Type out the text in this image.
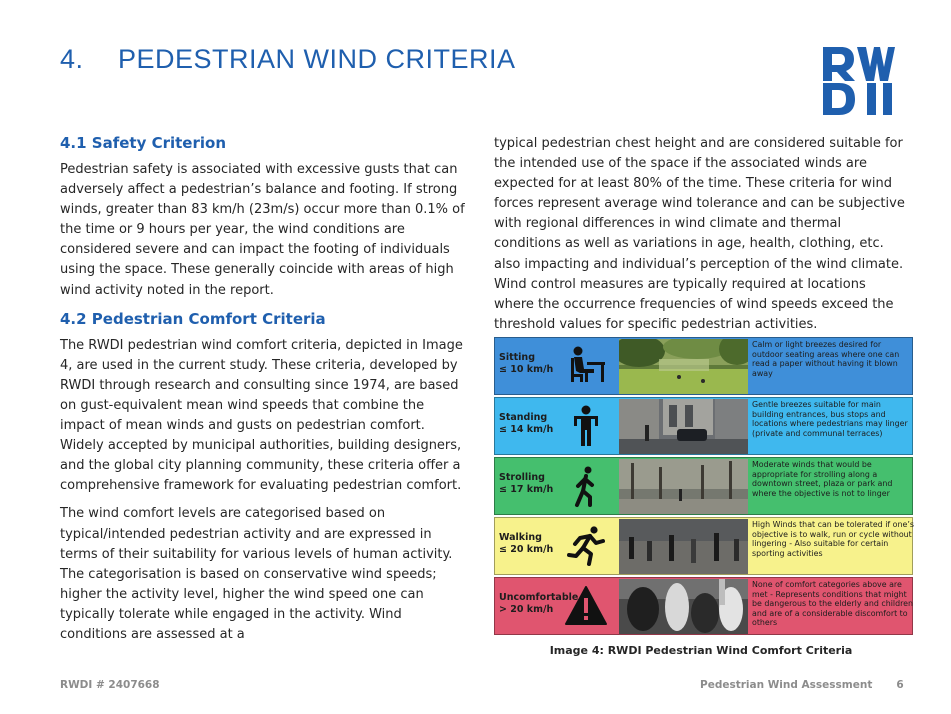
4. PEDESTRIAN WIND CRITERIA
4.1 Safety Criterion

Pedestrian safety is associated with excessive gusts that can adversely affect a pedestrian’s balance and footing. If strong winds, greater than 83 km/h (23m/s) occur more than 0.1% of the time or 9 hours per year, the wind conditions are considered severe and can impact the footing of individuals using the space. These generally coincide with areas of high wind activity noted in the report.

4.2 Pedestrian Comfort Criteria

The RWDI pedestrian wind comfort criteria, depicted in Image 4, are used in the current study. These criteria, developed by RWDI through research and consulting since 1974, are based on gust-equivalent mean wind speeds that combine the impact of mean winds and gusts on pedestrian comfort. Widely accepted by municipal authorities, building designers, and the global city planning community, these criteria offer a comprehensive framework for evaluating pedestrian comfort.

The wind comfort levels are categorised based on typical/intended pedestrian activity and are expressed in terms of their suitability for various levels of human activity. The categorisation is based on conservative wind speeds; higher the activity level, higher the wind speed one can typically tolerate while engaged in the activity. Wind conditions are assessed at a

typical pedestrian chest height and are considered suitable for the intended use of the space if the associated winds are expected for at least 80% of the time. These criteria for wind forces represent average wind tolerance and can be subjective with regional differences in wind climate and thermal conditions as well as variations in age, health, clothing, etc. also impacting and individual’s perception of the wind climate. Wind control measures are typically required at locations where the occurrence frequencies of wind speeds exceed the threshold values for specific pedestrian activities.

Sitting
≤ 10 km/h
Calm or light breezes desired for outdoor seating areas where one can read a paper without having it blown away
Standing
≤ 14 km/h
Gentle breezes suitable for main building entrances, bus stops and locations where pedestrians may linger (private and communal terraces)
Strolling
≤ 17 km/h
Moderate winds that would be appropriate for strolling along a downtown street, plaza or park and where the objective is not to linger
Walking
≤ 20 km/h
High Winds that can be tolerated if one’s objective is to walk, run or cycle without lingering - Also suitable for certain sporting activities
Uncomfortable
> 20 km/h
None of comfort categories above are met - Represents conditions that might be dangerous to the elderly and children and are of a considerable discomfort to others
Image 4: RWDI Pedestrian Wind Comfort Criteria
RWDI # 2407668	Pedestrian Wind Assessment 6
